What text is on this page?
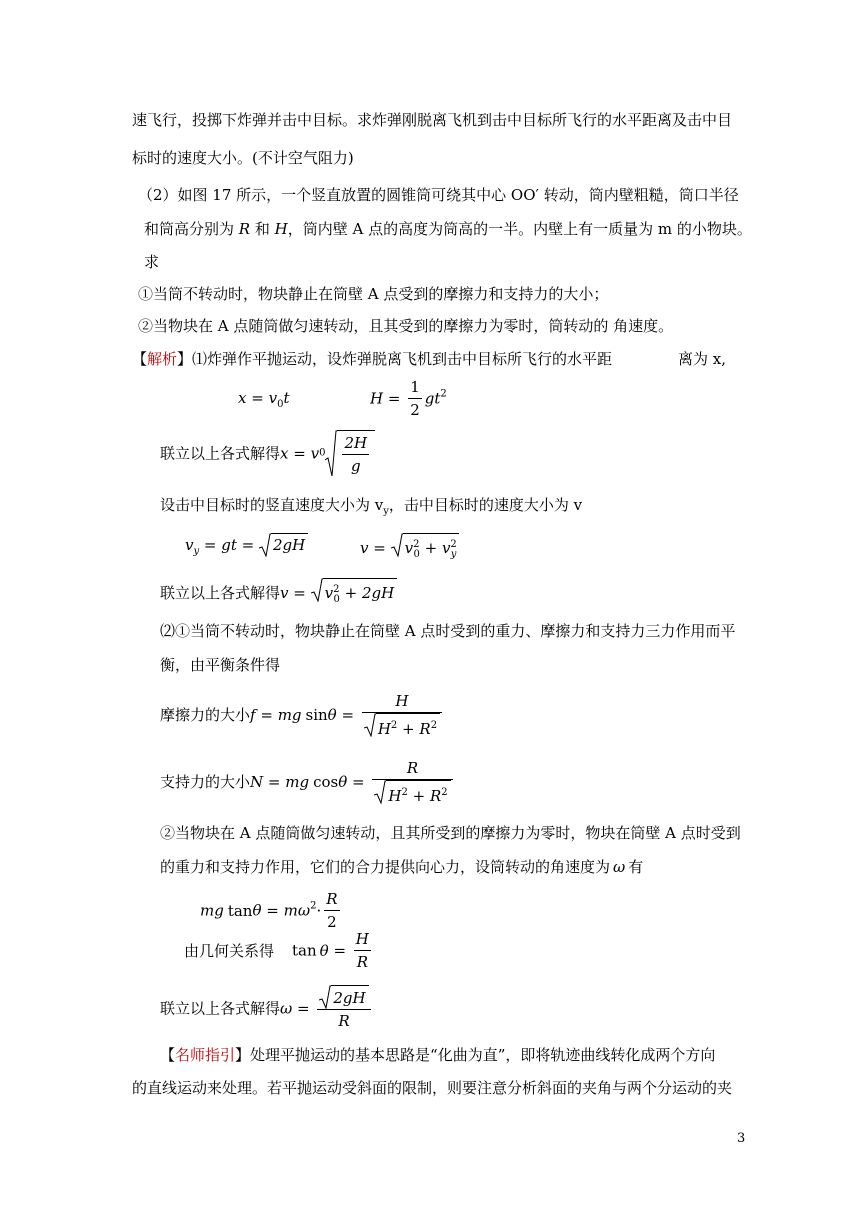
速飞行，投掷下炸弹并击中目标。求炸弹刚脱离飞机到击中目标所飞行的水平距离及击中目
标时的速度大小。(不计空气阻力)
（2）如图 17 所示，一个竖直放置的圆锥筒可绕其中心 OO′ 转动，筒内壁粗糙，筒口半径
和筒高分别为 R 和 H，筒内壁 A 点的高度为筒高的一半。内壁上有一质量为 m 的小物块。
求
①当筒不转动时，物块静止在筒壁 A 点受到的摩擦力和支持力的大小；
②当物块在 A 点随筒做匀速转动，且其受到的摩擦力为零时，筒转动的 角速度。
【解析】⑴炸弹作平抛运动，设炸弹脱离飞机到击中目标所飞行的水平距	离为 x,
$x = v_0t$	$H = \frac{1}{2} gt^2$
联立以上各式解得$x = v0 \frac{2H}{g}$
设击中目标时的竖直速度大小为 $v_y$，击中目标时的速度大小为 v
$v_y$ = gt =
2gH	v =
$v^2_0 + v^2_y$
联立以上各式解得v =
$v^2_0 + 2gH$
⑵①当筒不转动时，物块静止在筒壁 A 点时受到的重力、摩擦力和支持力三力作用而平
衡，由平衡条件得
摩擦力的大小f = mg $\sin\theta = \frac{H}{H^2 + R^2}$
支持力的大小N = mg $\cos\theta = \frac{R}{H^2 + R^2}$
②当物块在 A 点随筒做匀速转动，且其所受到的摩擦力为零时，物块在筒壁 A 点时受到
的重力和支持力作用，它们的合力提供向心力，设筒转动的角速度为 ω 有
mg $\tan\theta = m\omega^2\cdot \frac{R}{2}$
由几何关系得 $\tan \theta = \frac{H}{R}$
联立以上各式解得$\omega = \frac{2gH}{R}$
【名师指引】处理平抛运动的基本思路是“化曲为直”，即将轨迹曲线转化成两个方向
的直线运动来处理。若平抛运动受斜面的限制，则要注意分析斜面的夹角与两个分运动的夹
3
